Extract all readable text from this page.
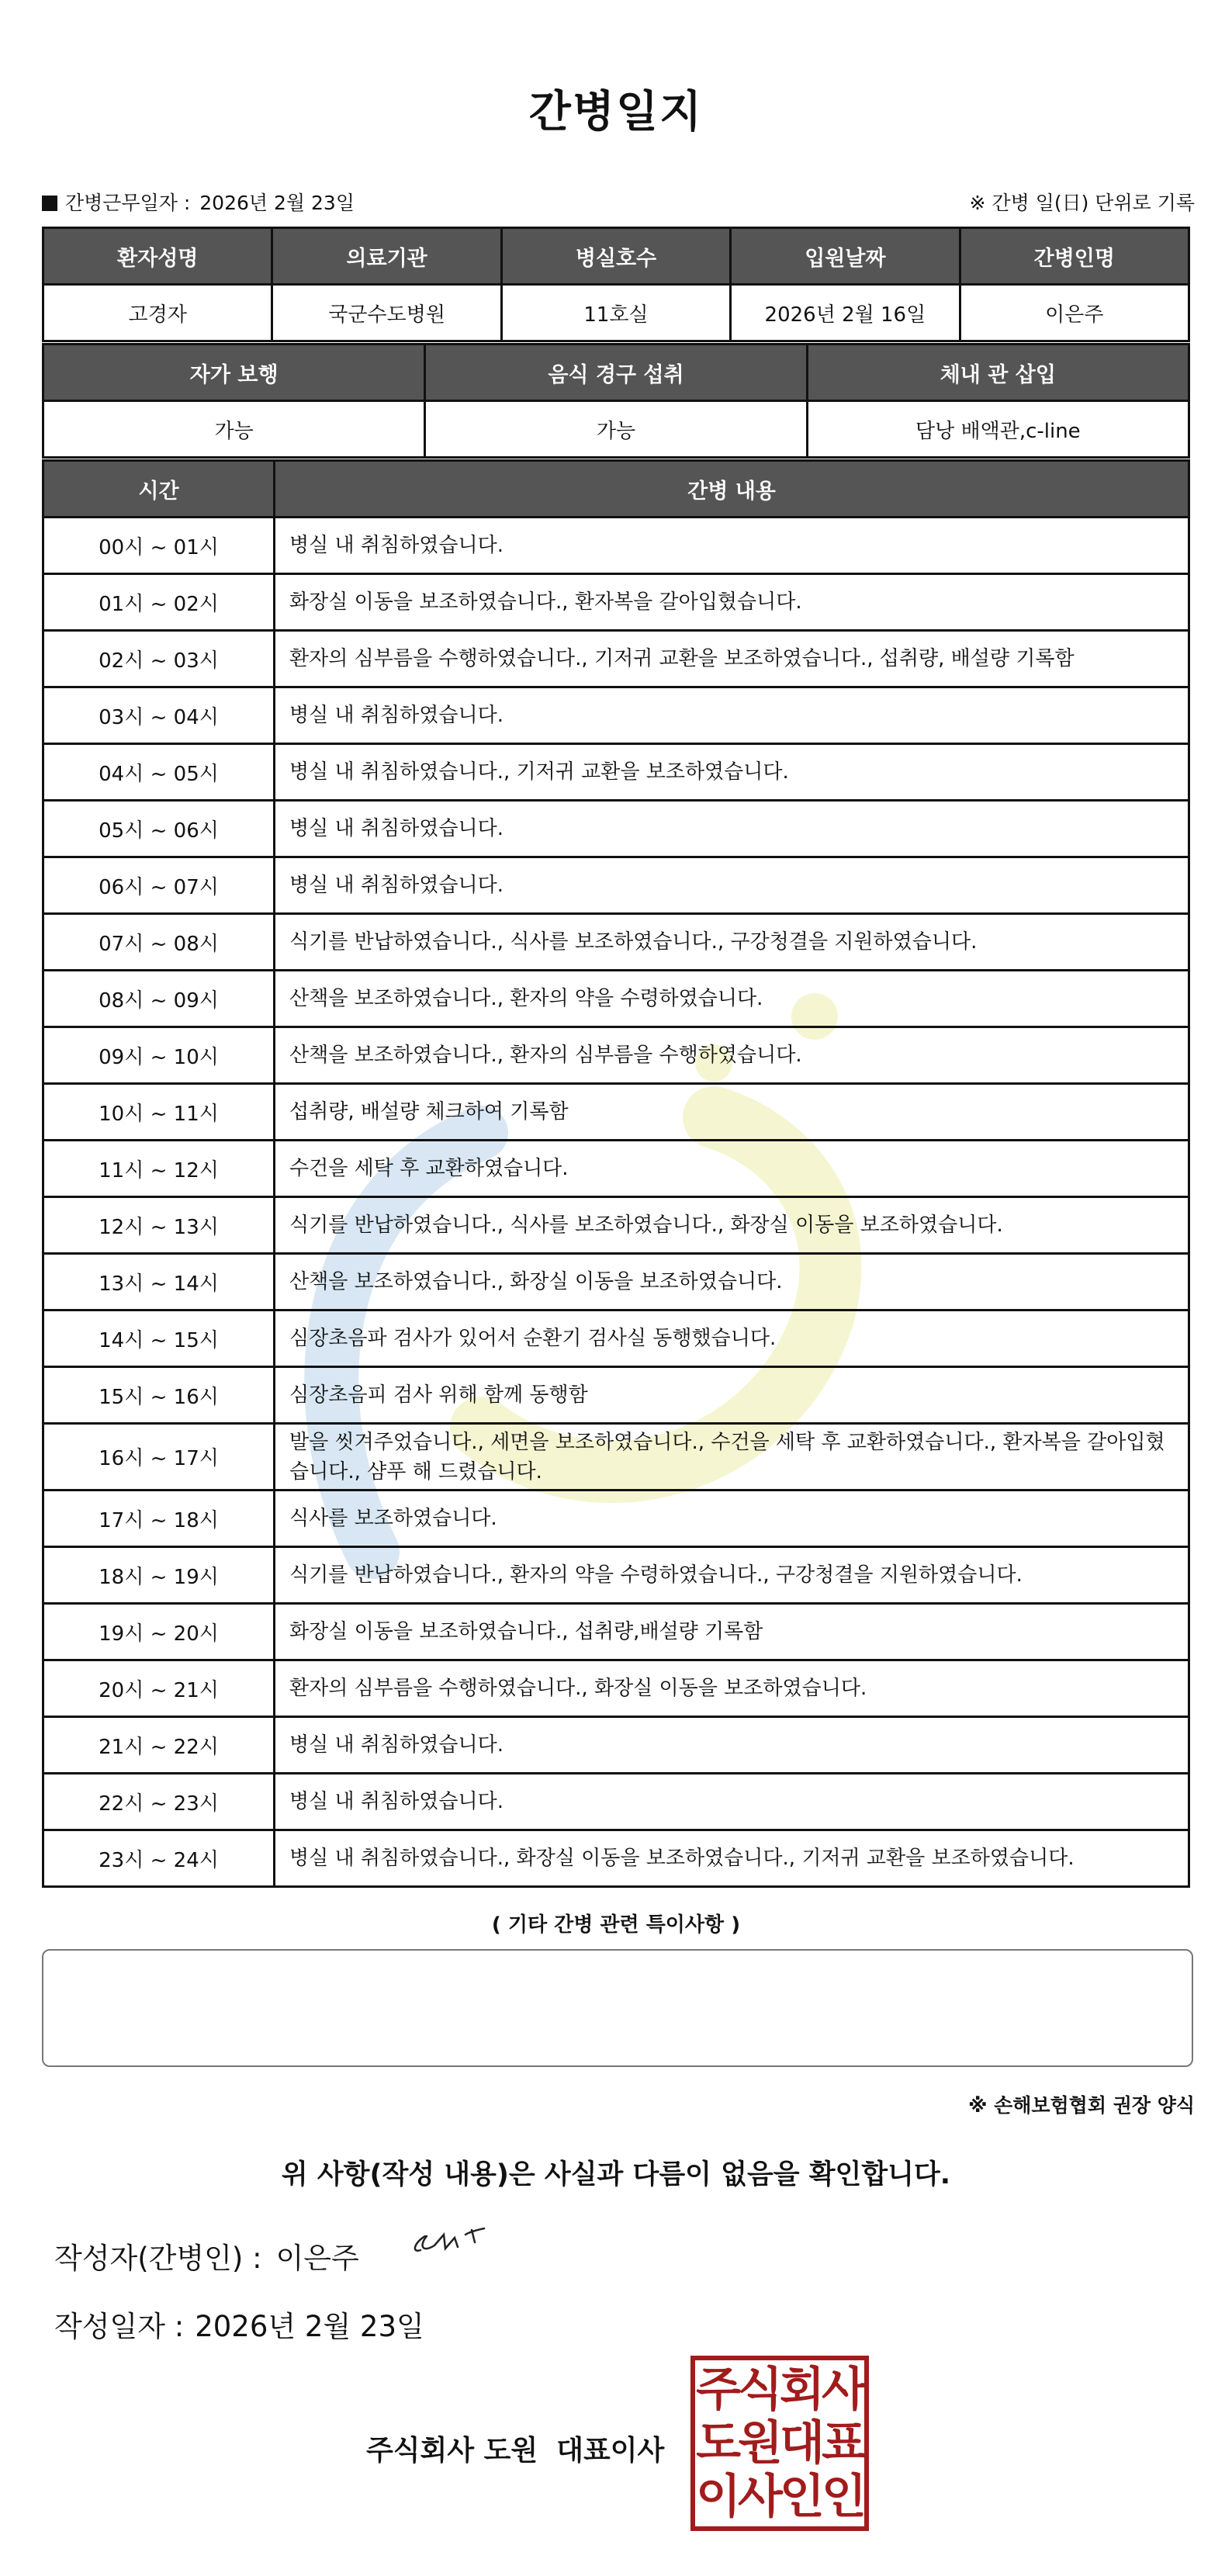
간병일지
간병근무일자 : 2026년 2월 23일	※ 간병 일(日) 단위로 기록
환자성명	의료기관	병실호수	입원날짜	간병인명
고경자	국군수도병원	11호실	2026년 2월 16일	이은주
자가 보행	음식 경구 섭취	체내 관 삽입
가능	가능	담낭 배액관,c-line
시간	간병 내용
00시 ~ 01시	병실 내 취침하였습니다.
01시 ~ 02시	화장실 이동을 보조하였습니다., 환자복을 갈아입혔습니다.
02시 ~ 03시	환자의 심부름을 수행하였습니다., 기저귀 교환을 보조하였습니다., 섭취량, 배설량 기록함
03시 ~ 04시	병실 내 취침하였습니다.
04시 ~ 05시	병실 내 취침하였습니다., 기저귀 교환을 보조하였습니다.
05시 ~ 06시	병실 내 취침하였습니다.
06시 ~ 07시	병실 내 취침하였습니다.
07시 ~ 08시	식기를 반납하였습니다., 식사를 보조하였습니다., 구강청결을 지원하였습니다.
08시 ~ 09시	산책을 보조하였습니다., 환자의 약을 수령하였습니다.
09시 ~ 10시	산책을 보조하였습니다., 환자의 심부름을 수행하였습니다.
10시 ~ 11시	섭취량, 배설량 체크하여 기록함
11시 ~ 12시	수건을 세탁 후 교환하였습니다.
12시 ~ 13시	식기를 반납하였습니다., 식사를 보조하였습니다., 화장실 이동을 보조하였습니다.
13시 ~ 14시	산책을 보조하였습니다., 화장실 이동을 보조하였습니다.
14시 ~ 15시	심장초음파 검사가 있어서 순환기 검사실 동행했습니다.
15시 ~ 16시	심장초음피 검사 위해 함께 동행함
16시 ~ 17시	발을 씻겨주었습니다., 세면을 보조하였습니다., 수건을 세탁 후 교환하였습니다., 환자복을 갈아입혔습니다., 샴푸 해 드렸습니다.
17시 ~ 18시	식사를 보조하였습니다.
18시 ~ 19시	식기를 반납하였습니다., 환자의 약을 수령하였습니다., 구강청결을 지원하였습니다.
19시 ~ 20시	화장실 이동을 보조하였습니다., 섭취량,배설량 기록함
20시 ~ 21시	환자의 심부름을 수행하였습니다., 화장실 이동을 보조하였습니다.
21시 ~ 22시	병실 내 취침하였습니다.
22시 ~ 23시	병실 내 취침하였습니다.
23시 ~ 24시	병실 내 취침하였습니다., 화장실 이동을 보조하였습니다., 기저귀 교환을 보조하였습니다.
( 기타 간병 관련 특이사항 )
※ 손해보험협회 권장 양식
위 사항(작성 내용)은 사실과 다름이 없음을 확인합니다.
작성자(간병인) : 이은주
작성일자 : 2026년 2월 23일
주식회사 도원 대표이사
주식회사
도원대표
이사인인
